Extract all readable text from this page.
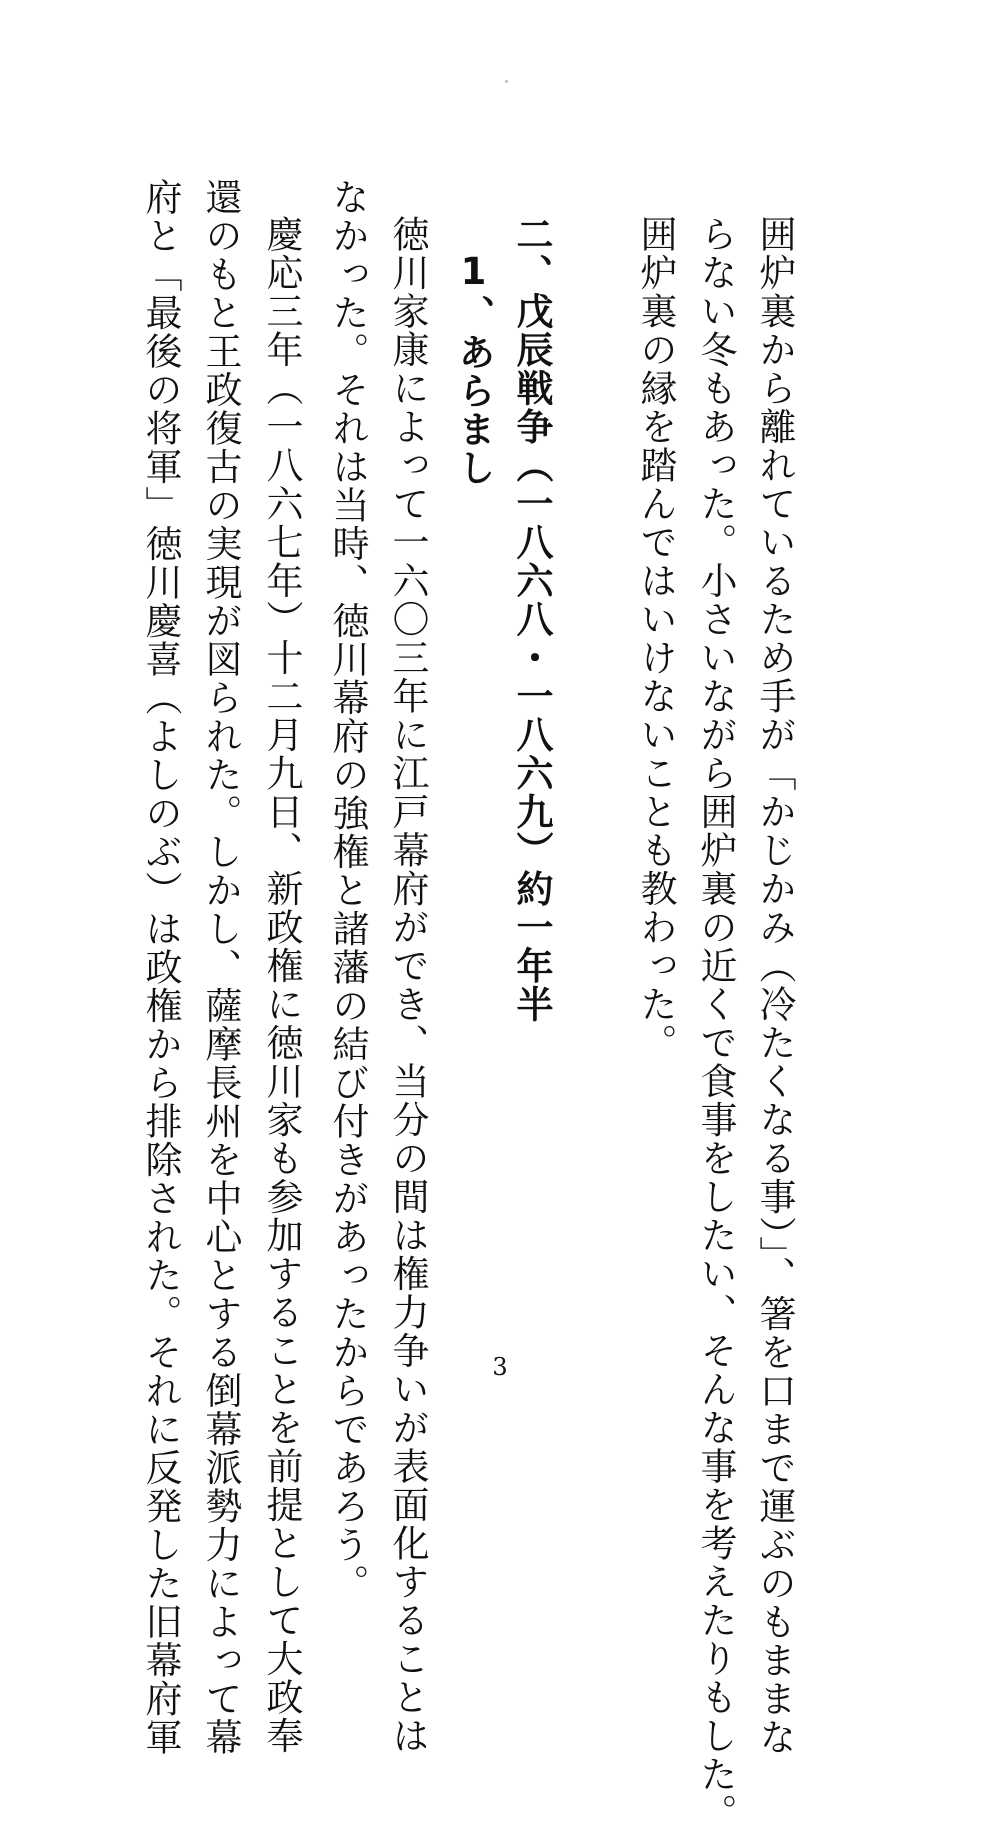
囲炉裏から離れているため手が「かじかみ（冷たくなる事）」、箸を口まで運ぶのもままな
らない冬もあった。小さいながら囲炉裏の近くで食事をしたい、そんな事を考えたりもした。
囲炉裏の縁を踏んではいけないことも教わった。
二、戊辰戦争（一八六八・一八六九）約一年半
1、あらまし
徳川家康によって一六〇三年に江戸幕府ができ、当分の間は権力争いが表面化することは
なかった。それは当時、徳川幕府の強権と諸藩の結び付きがあったからであろう。
慶応三年（一八六七年）十二月九日、新政権に徳川家も参加することを前提として大政奉
還のもと王政復古の実現が図られた。しかし、薩摩長州を中心とする倒幕派勢力によって幕
府と「最後の将軍」徳川慶喜（よしのぶ）は政権から排除された。それに反発した旧幕府軍	3
